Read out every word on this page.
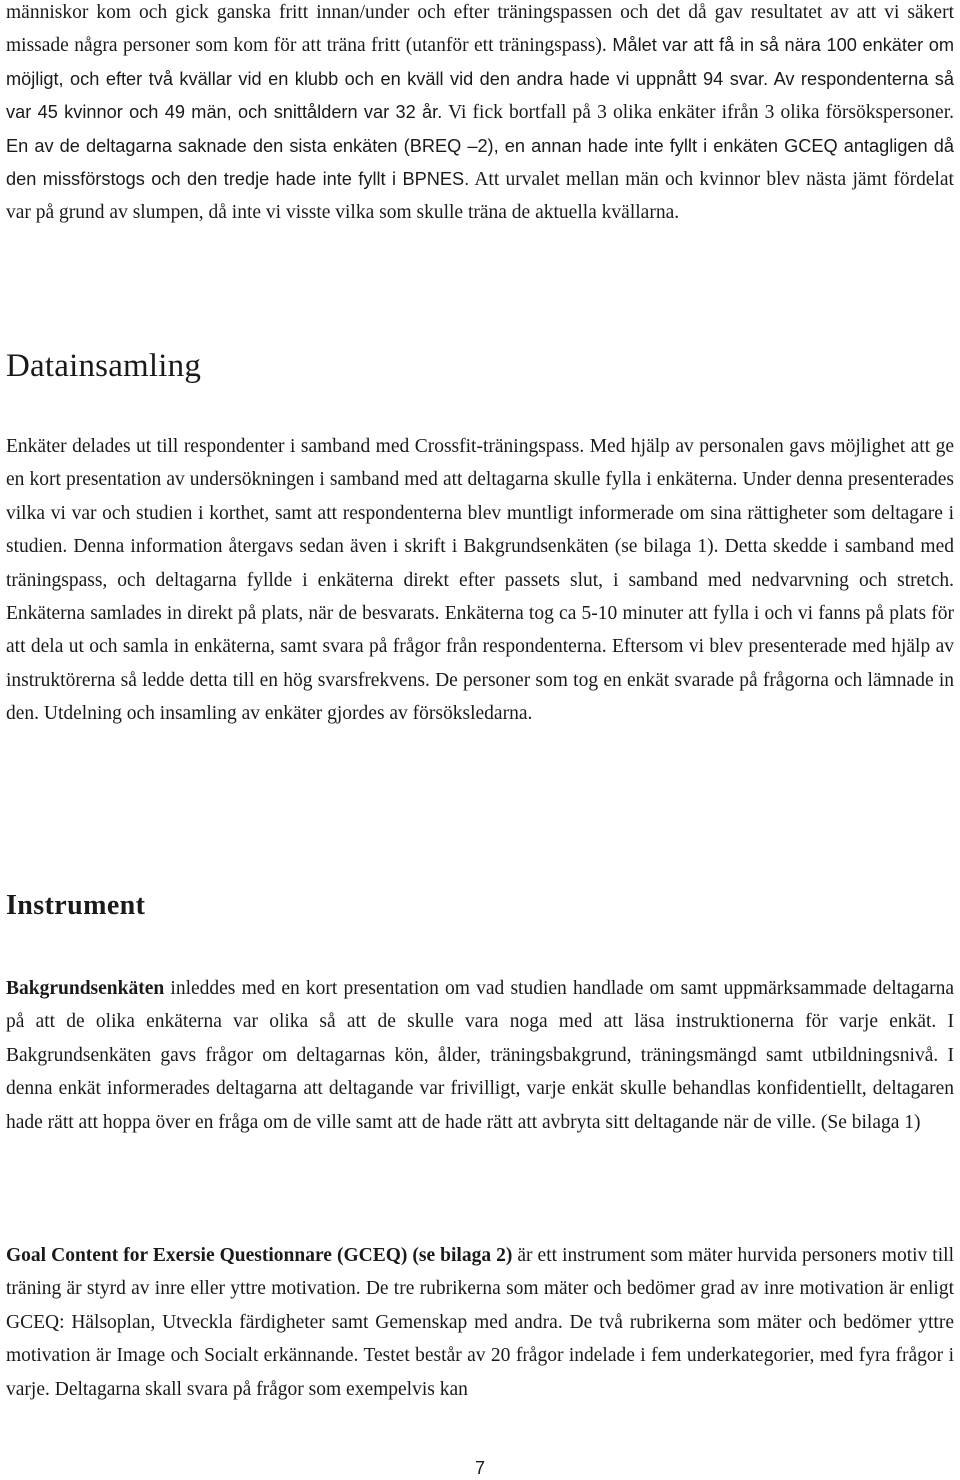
människor kom och gick ganska fritt innan/under och efter träningspassen och det då gav resultatet av att vi säkert missade några personer som kom för att träna fritt (utanför ett träningspass). Målet var att få in så nära 100 enkäter om möjligt, och efter två kvällar vid en klubb och en kväll vid den andra hade vi uppnått 94 svar. Av respondenterna så var 45 kvinnor och 49 män, och snittåldern var 32 år. Vi fick bortfall på 3 olika enkäter ifrån 3 olika försökspersoner. En av de deltagarna saknade den sista enkäten (BREQ –2), en annan hade inte fyllt i enkäten GCEQ antagligen då den missförstogs och den tredje hade inte fyllt i BPNES. Att urvalet mellan män och kvinnor blev nästa jämt fördelat var på grund av slumpen, då inte vi visste vilka som skulle träna de aktuella kvällarna.

Datainsamling

Enkäter delades ut till respondenter i samband med Crossfit-träningspass. Med hjälp av personalen gavs möjlighet att ge en kort presentation av undersökningen i samband med att deltagarna skulle fylla i enkäterna. Under denna presenterades vilka vi var och studien i korthet, samt att respondenterna blev muntligt informerade om sina rättigheter som deltagare i studien. Denna information återgavs sedan även i skrift i Bakgrundsenkäten (se bilaga 1). Detta skedde i samband med träningspass, och deltagarna fyllde i enkäterna direkt efter passets slut, i samband med nedvarvning och stretch. Enkäterna samlades in direkt på plats, när de besvarats. Enkäterna tog ca 5-10 minuter att fylla i och vi fanns på plats för att dela ut och samla in enkäterna, samt svara på frågor från respondenterna. Eftersom vi blev presenterade med hjälp av instruktörerna så ledde detta till en hög svarsfrekvens. De personer som tog en enkät svarade på frågorna och lämnade in den. Utdelning och insamling av enkäter gjordes av försöksledarna.

Instrument

Bakgrundsenkäten inleddes med en kort presentation om vad studien handlade om samt uppmärksammade deltagarna på att de olika enkäterna var olika så att de skulle vara noga med att läsa instruktionerna för varje enkät. I Bakgrundsenkäten gavs frågor om deltagarnas kön, ålder, träningsbakgrund, träningsmängd samt utbildningsnivå. I denna enkät informerades deltagarna att deltagande var frivilligt, varje enkät skulle behandlas konfidentiellt, deltagaren hade rätt att hoppa över en fråga om de ville samt att de hade rätt att avbryta sitt deltagande när de ville. (Se bilaga 1)

Goal Content for Exersie Questionnare (GCEQ) (se bilaga 2) är ett instrument som mäter hurvida personers motiv till träning är styrd av inre eller yttre motivation. De tre rubrikerna som mäter och bedömer grad av inre motivation är enligt GCEQ: Hälsoplan, Utveckla färdigheter samt Gemenskap med andra. De två rubrikerna som mäter och bedömer yttre motivation är Image och Socialt erkännande. Testet består av 20 frågor indelade i fem underkategorier, med fyra frågor i varje. Deltagarna skall svara på frågor som exempelvis kan

7
